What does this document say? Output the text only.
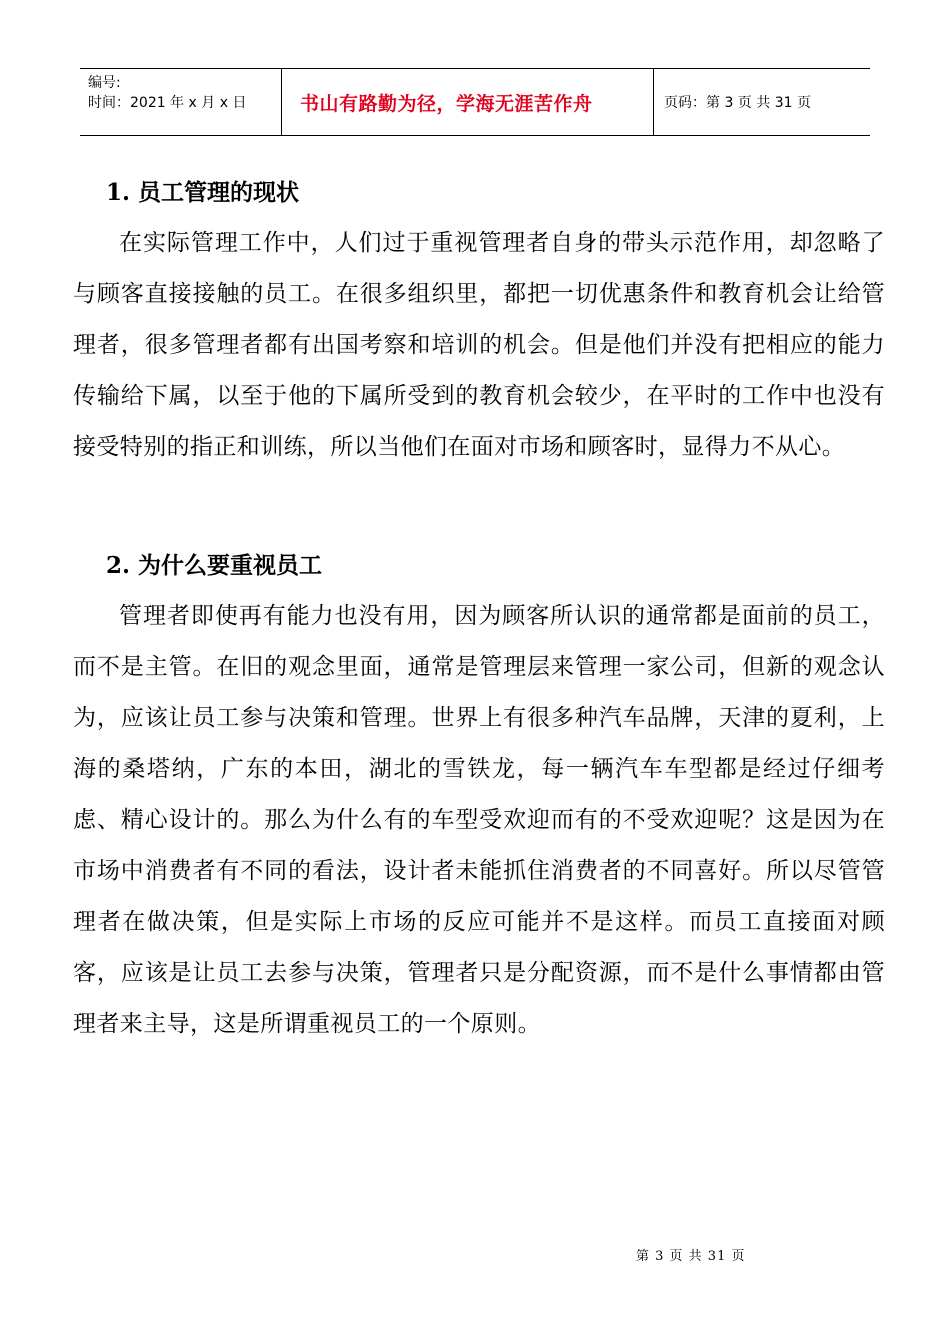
编号:
时间：2021 年 x 月 x 日	书山有路勤为径，学海无涯苦作舟	页码：第 3 页 共 31 页
1. 员工管理的现状

在实际管理工作中，人们过于重视管理者自身的带头示范作用，却忽略了与顾客直接接触的员工。在很多组织里，都把一切优惠条件和教育机会让给管理者，很多管理者都有出国考察和培训的机会。但是他们并没有把相应的能力传输给下属，以至于他的下属所受到的教育机会较少，在平时的工作中也没有接受特别的指正和训练，所以当他们在面对市场和顾客时，显得力不从心。

2. 为什么要重视员工

管理者即使再有能力也没有用，因为顾客所认识的通常都是面前的员工，而不是主管。在旧的观念里面，通常是管理层来管理一家公司，但新的观念认为，应该让员工参与决策和管理。世界上有很多种汽车品牌，天津的夏利，上海的桑塔纳，广东的本田，湖北的雪铁龙，每一辆汽车车型都是经过仔细考虑、精心设计的。那么为什么有的车型受欢迎而有的不受欢迎呢？这是因为在市场中消费者有不同的看法，设计者未能抓住消费者的不同喜好。所以尽管管理者在做决策，但是实际上市场的反应可能并不是这样。而员工直接面对顾客，应该是让员工去参与决策，管理者只是分配资源，而不是什么事情都由管理者来主导，这是所谓重视员工的一个原则。

第 3 页 共 31 页
